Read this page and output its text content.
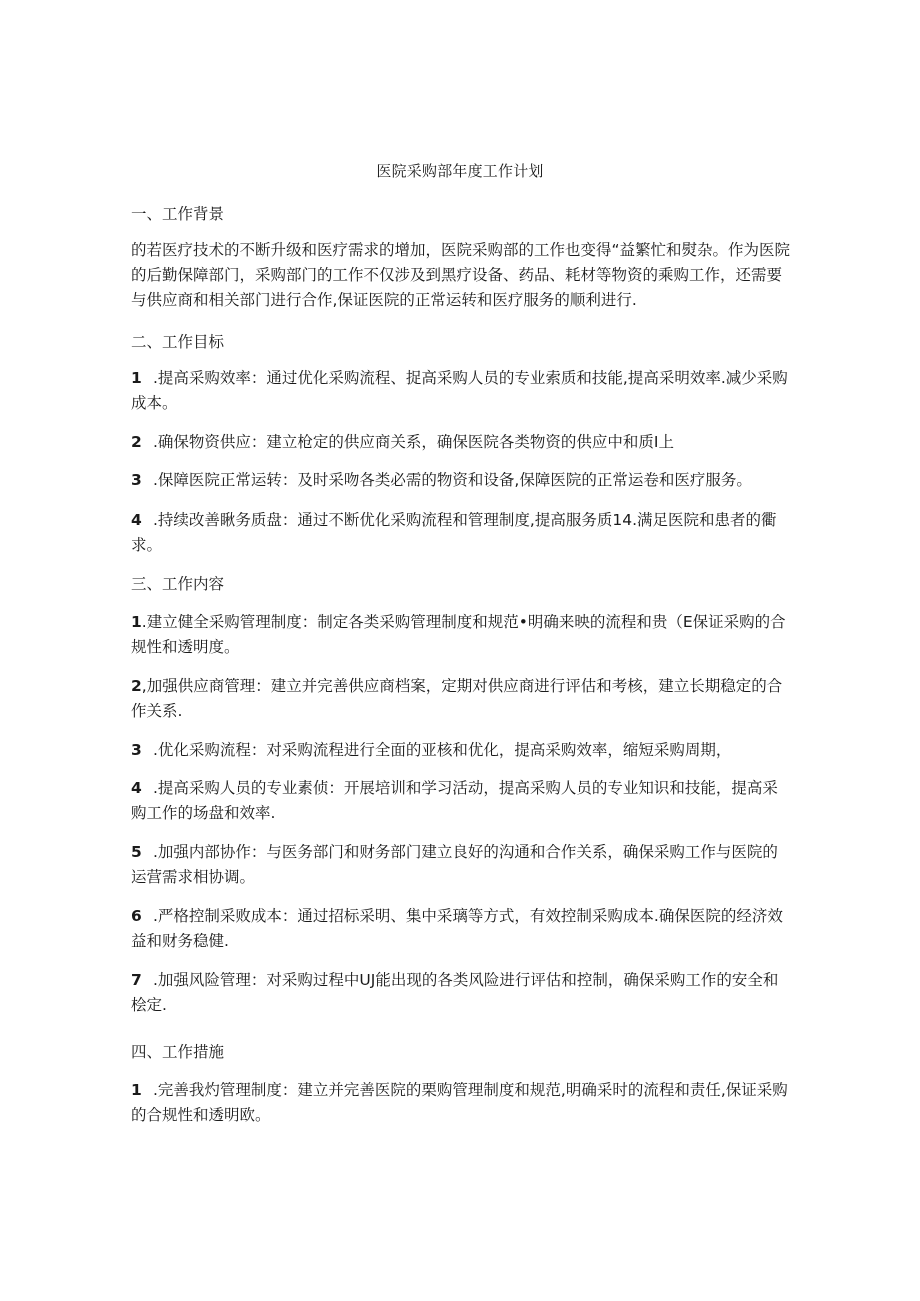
医院采购部年度工作计划

一、工作背景

的若医疗技术的不断升级和医疗需求的增加，医院采购部的工作也变得“益繁忙和熨杂。作为医院的后勤保障部门，采购部门的工作不仅涉及到黑疗设备、药品、耗材等物资的乘购工作，还需要与供应商和相关部门进行合作,保证医院的正常运转和医疗服务的顺利进行.

二、工作目标

1 .提高采购效率：通过优化采购流程、捉高采购人员的专业索质和技能,提高采明效率.减少采购成本。

2 .确保物资供应：建立枪定的供应商关系，确保医院各类物资的供应中和质I上

3 .保障医院正常运转：及时采吻各类必需的物资和设备,保障医院的正常运卷和医疗服务。

4 .持续改善瞅务质盘：通过不断优化采购流程和管理制度,提高服务质14.满足医院和患者的衢求。

三、工作内容

1.建立健全采购管理制度：制定各类采购管理制度和规范•明确来映的流程和贵（E保证采购的合规性和透明度。

2,加强供应商管理：建立并完善供应商档案，定期对供应商进行评估和考核，建立长期稳定的合作关系.

3 .优化采购流程：对采购流程进行全面的亚核和优化，提高采购效率，缩短采购周期，

4 .提高采购人员的专业素侦：开展培训和学习活动，提高采购人员的专业知识和技能，提高采购工作的场盘和效率.

5 .加强内部协作：与医务部门和财务部门建立良好的沟通和合作关系，确保采购工作与医院的运营需求相协调。

6 .严格控制采败成本：通过招标采明、集中采璃等方式，有效控制采购成本.确保医院的经济效益和财务稳健.

7 .加强风险管理：对采购过程中UJ能出现的各类风险进行评估和控制，确保采购工作的安全和桧定.

四、工作措施

1 .完善我灼管理制度：建立并完善医院的栗购管理制度和规范,明确采时的流程和责任,保证采购的合规性和透明欧。
